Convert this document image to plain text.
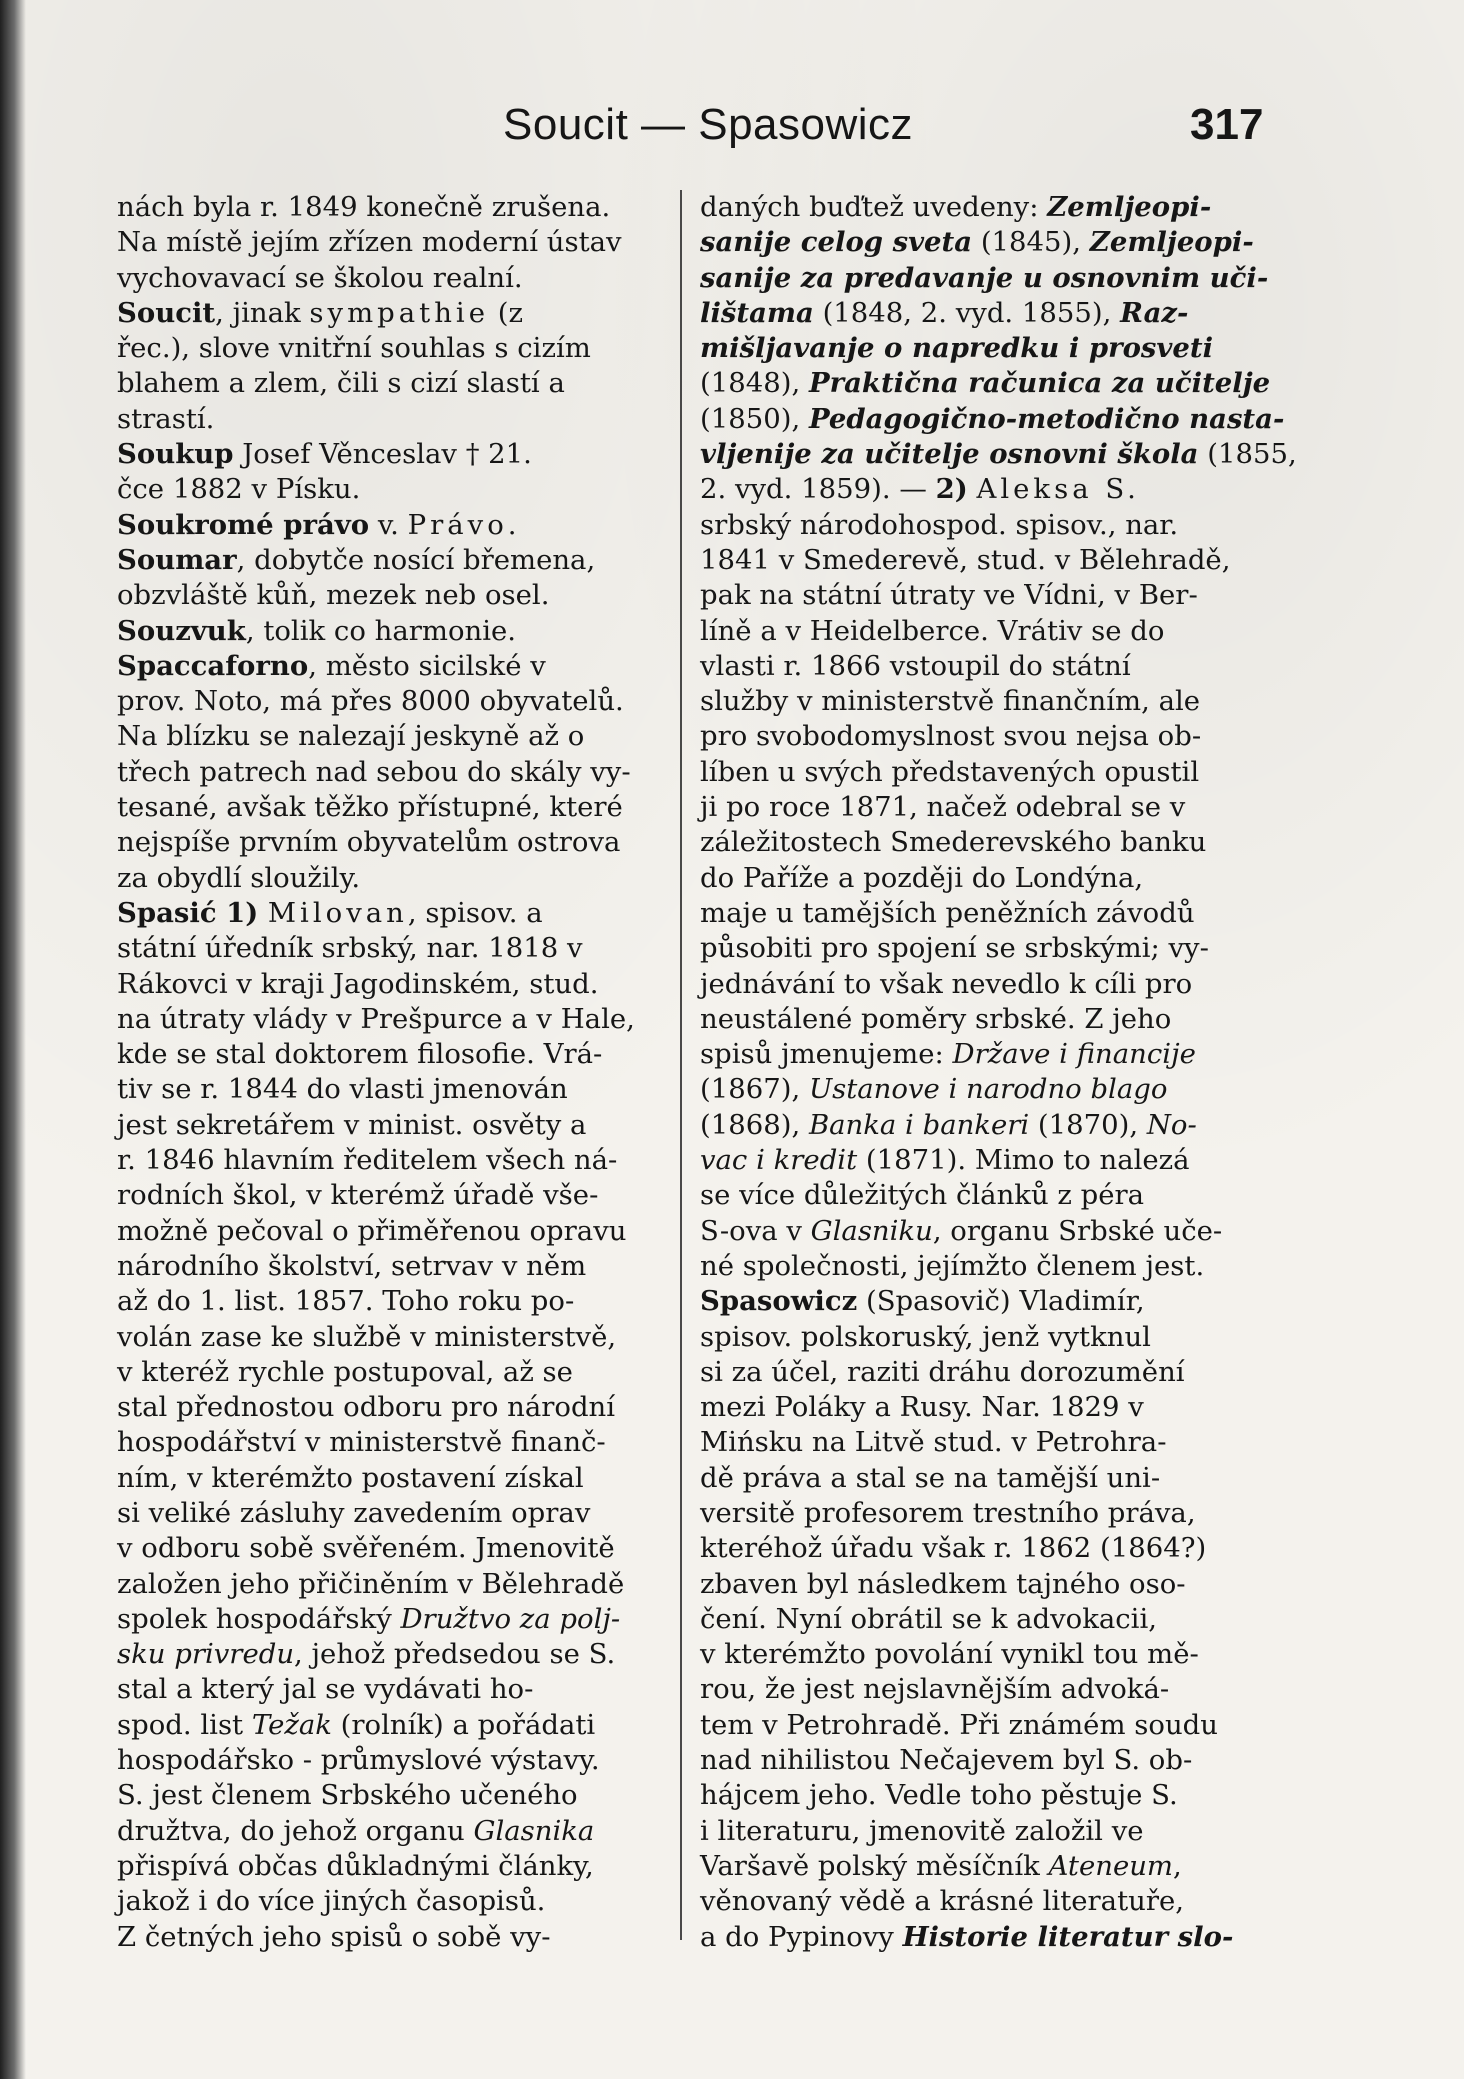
Soucit — Spasowicz	317
nách byla r. 1849 konečně zrušena.
Na místě jejím zřízen moderní ústav
vychovavací se školou realní.
Soucit, jinak sympathie (z
řec.), slove vnitřní souhlas s cizím
blahem a zlem, čili s cizí slastí a
strastí.
Soukup Josef Věnceslav † 21.
čce 1882 v Písku.
Soukromé právo v. Právo.
Soumar, dobytče nosící břemena,
obzvláště kůň, mezek neb osel.
Souzvuk, tolik co harmonie.
Spaccaforno, město sicilské v
prov. Noto, má přes 8000 obyvatelů.
Na blízku se nalezají jeskyně až o
třech patrech nad sebou do skály vy-
tesané, avšak těžko přístupné, které
nejspíše prvním obyvatelům ostrova
za obydlí sloužily.
Spasić 1) Milovan, spisov. a
státní úředník srbský, nar. 1818 v
Rákovci v kraji Jagodinském, stud.
na útraty vlády v Prešpurce a v Hale,
kde se stal doktorem filosofie. Vrá-
tiv se r. 1844 do vlasti jmenován
jest sekretářem v minist. osvěty a
r. 1846 hlavním ředitelem všech ná-
rodních škol, v kterémž úřadě vše-
možně pečoval o přiměřenou opravu
národního školství, setrvav v něm
až do 1. list. 1857. Toho roku po-
volán zase ke službě v ministerstvě,
v kteréž rychle postupoval, až se
stal přednostou odboru pro národní
hospodářství v ministerstvě finanč-
ním, v kterémžto postavení získal
si veliké zásluhy zavedením oprav
v odboru sobě svěřeném. Jmenovitě
založen jeho přičiněním v Bělehradě
spolek hospodářský Družtvo za polj-
sku privredu, jehož předsedou se S.
stal a který jal se vydávati ho-
spod. list Težak (rolník) a pořádati
hospodářsko - průmyslové výstavy.
S. jest členem Srbského učeného
družtva, do jehož organu Glasnika
přispívá občas důkladnými články,
jakož i do více jiných časopisů.
Z četných jeho spisů o sobě vy-
daných buďtež uvedeny: Zemljeopi-
sanije celog sveta (1845), Zemljeopi-
sanije za predavanje u osnovnim uči-
lištama (1848, 2. vyd. 1855), Raz-
mišljavanje o napredku i prosveti
(1848), Praktična računica za učitelje
(1850), Pedagogično-metodično nasta-
vljenije za učitelje osnovni škola (1855,
2. vyd. 1859). — 2) Aleksa S.
srbský národohospod. spisov., nar.
1841 v Smederevě, stud. v Bělehradě,
pak na státní útraty ve Vídni, v Ber-
líně a v Heidelberce. Vrátiv se do
vlasti r. 1866 vstoupil do státní
služby v ministerstvě finančním, ale
pro svobodomyslnost svou nejsa ob-
líben u svých představených opustil
ji po roce 1871, načež odebral se v
záležitostech Smederevského banku
do Paříže a později do Londýna,
maje u tamějších peněžních závodů
působiti pro spojení se srbskými; vy-
jednávání to však nevedlo k cíli pro
neustálené poměry srbské. Z jeho
spisů jmenujeme: Države i financije
(1867), Ustanove i narodno blago
(1868), Banka i bankeri (1870), No-
vac i kredit (1871). Mimo to nalezá
se více důležitých článků z péra
S-ova v Glasniku, organu Srbské uče-
né společnosti, jejímžto členem jest.
Spasowicz (Spasovič) Vladimír,
spisov. polskoruský, jenž vytknul
si za účel, raziti dráhu dorozumění
mezi Poláky a Rusy. Nar. 1829 v
Mińsku na Litvě stud. v Petrohra-
dě práva a stal se na tamější uni-
versitě profesorem trestního práva,
kteréhož úřadu však r. 1862 (1864?)
zbaven byl následkem tajného oso-
čení. Nyní obrátil se k advokacii,
v kterémžto povolání vynikl tou mě-
rou, že jest nejslavnějším advoká-
tem v Petrohradě. Při známém soudu
nad nihilistou Nečajevem byl S. ob-
hájcem jeho. Vedle toho pěstuje S.
i literaturu, jmenovitě založil ve
Varšavě polský měsíčník Ateneum,
věnovaný vědě a krásné literatuře,
a do Pypinovy Historie literatur slo-
